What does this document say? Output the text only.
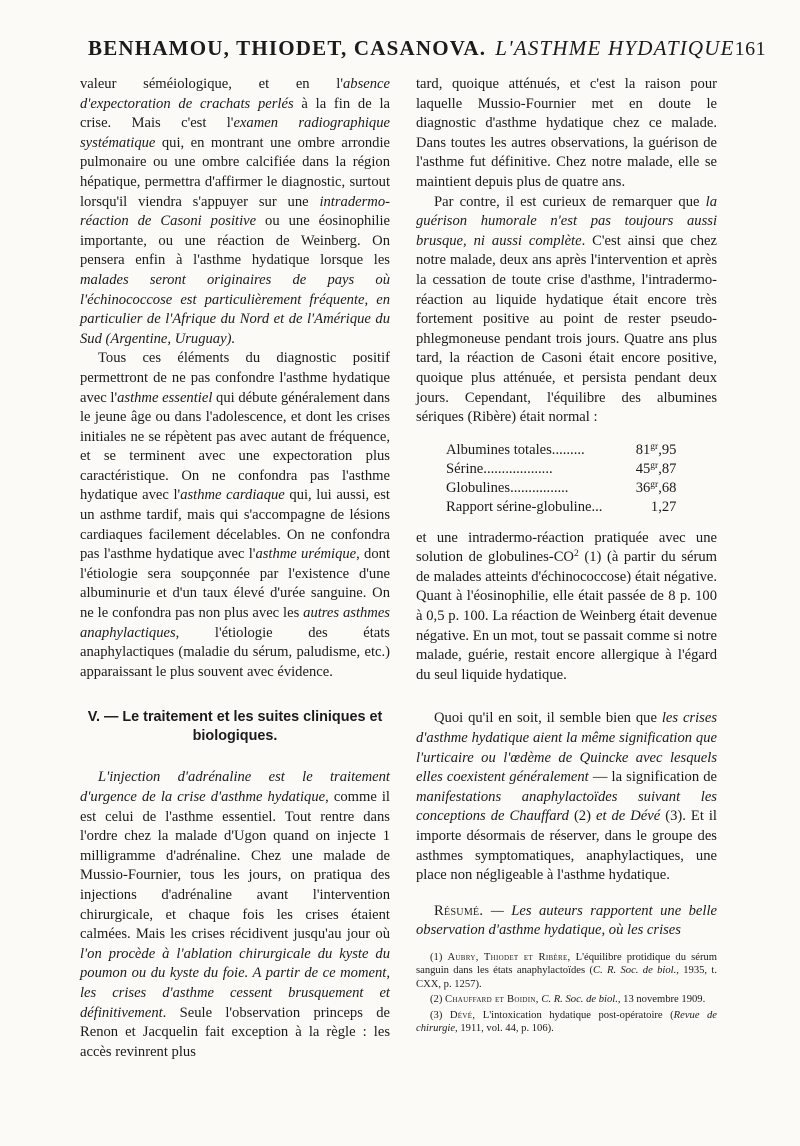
BENHAMOU, THIODET, CASANOVA. L'ASTHME HYDATIQUE 161

valeur séméiologique, et en l'absence d'expectoration de crachats perlés à la fin de la crise. Mais c'est l'examen radiographique systématique qui, en montrant une ombre arrondie pulmonaire ou une ombre calcifiée dans la région hépatique, permettra d'affirmer le diagnostic, surtout lorsqu'il viendra s'appuyer sur une intradermo-réaction de Casoni positive ou une éosinophilie importante, ou une réaction de Weinberg. On pensera enfin à l'asthme hydatique lorsque les malades seront originaires de pays où l'échinococcose est particulièrement fréquente, en particulier de l'Afrique du Nord et de l'Amérique du Sud (Argentine, Uruguay).

Tous ces éléments du diagnostic positif permettront de ne pas confondre l'asthme hydatique avec l'asthme essentiel qui débute généralement dans le jeune âge ou dans l'adolescence, et dont les crises initiales ne se répètent pas avec autant de fréquence, et se terminent avec une expectoration plus caractéristique. On ne confondra pas l'asthme hydatique avec l'asthme cardiaque qui, lui aussi, est un asthme tardif, mais qui s'accompagne de lésions cardiaques facilement décelables. On ne confondra pas l'asthme hydatique avec l'asthme urémique, dont l'étiologie sera soupçonnée par l'existence d'une albuminurie et d'un taux élevé d'urée sanguine. On ne le confondra pas non plus avec les autres asthmes anaphylactiques, l'étiologie des états anaphylactiques (maladie du sérum, paludisme, etc.) apparaissant le plus souvent avec évidence.

V. — Le traitement et les suites cliniques et biologiques.

L'injection d'adrénaline est le traitement d'urgence de la crise d'asthme hydatique, comme il est celui de l'asthme essentiel. Tout rentre dans l'ordre chez la malade d'Ugon quand on injecte 1 milligramme d'adrénaline. Chez une malade de Mussio-Fournier, tous les jours, on pratiqua des injections d'adrénaline avant l'intervention chirurgicale, et chaque fois les crises étaient calmées. Mais les crises récidivent jusqu'au jour où l'on procède à l'ablation chirurgicale du kyste du poumon ou du kyste du foie. A partir de ce moment, les crises d'asthme cessent brusquement et définitivement. Seule l'observation princeps de Renon et Jacquelin fait exception à la règle : les accès revinrent plus

tard, quoique atténués, et c'est la raison pour laquelle Mussio-Fournier met en doute le diagnostic d'asthme hydatique chez ce malade. Dans toutes les autres observations, la guérison de l'asthme fut définitive. Chez notre malade, elle se maintient depuis plus de quatre ans.

Par contre, il est curieux de remarquer que la guérison humorale n'est pas toujours aussi brusque, ni aussi complète. C'est ainsi que chez notre malade, deux ans après l'intervention et après la cessation de toute crise d'asthme, l'intradermo-réaction au liquide hydatique était encore très fortement positive au point de rester pseudo-phlegmoneuse pendant trois jours. Quatre ans plus tard, la réaction de Casoni était encore positive, quoique plus atténuée, et persista pendant deux jours. Cependant, l'équilibre des albumines sériques (Ribère) était normal :

Albumines totales.........	$81^{gr},95$
Sérine...................	$45^{gr},87$
Globulines................	$36^{gr},68$
Rapport sérine-globuline...	1,27

et une intradermo-réaction pratiquée avec une solution de globulines-$CO^2$ (1) (à partir du sérum de malades atteints d'échinococcose) était négative. Quant à l'éosinophilie, elle était passée de 8 p. 100 à 0,5 p. 100. La réaction de Weinberg était devenue négative. En un mot, tout se passait comme si notre malade, guérie, restait encore allergique à l'égard du seul liquide hydatique.

Quoi qu'il en soit, il semble bien que les crises d'asthme hydatique aient la même signification que l'urticaire ou l'œdème de Quincke avec lesquels elles coexistent généralement — la signification de manifestations anaphylactoïdes suivant les conceptions de Chauffard (2) et de Dévé (3). Et il importe désormais de réserver, dans le groupe des asthmes symptomatiques, anaphylactiques, une place non négligeable à l'asthme hydatique.

Résumé. — Les auteurs rapportent une belle observation d'asthme hydatique, où les crises

(1) Aubry, Thiodet et Ribère, L'équilibre protidique du sérum sanguin dans les états anaphylactoïdes (C. R. Soc. de biol., 1935, t. CXX, p. 1257).

(2) Chauffard et Boidin, C. R. Soc. de biol., 13 novembre 1909.

(3) Dévé, L'intoxication hydatique post-opératoire (Revue de chirurgie, 1911, vol. 44, p. 106).
